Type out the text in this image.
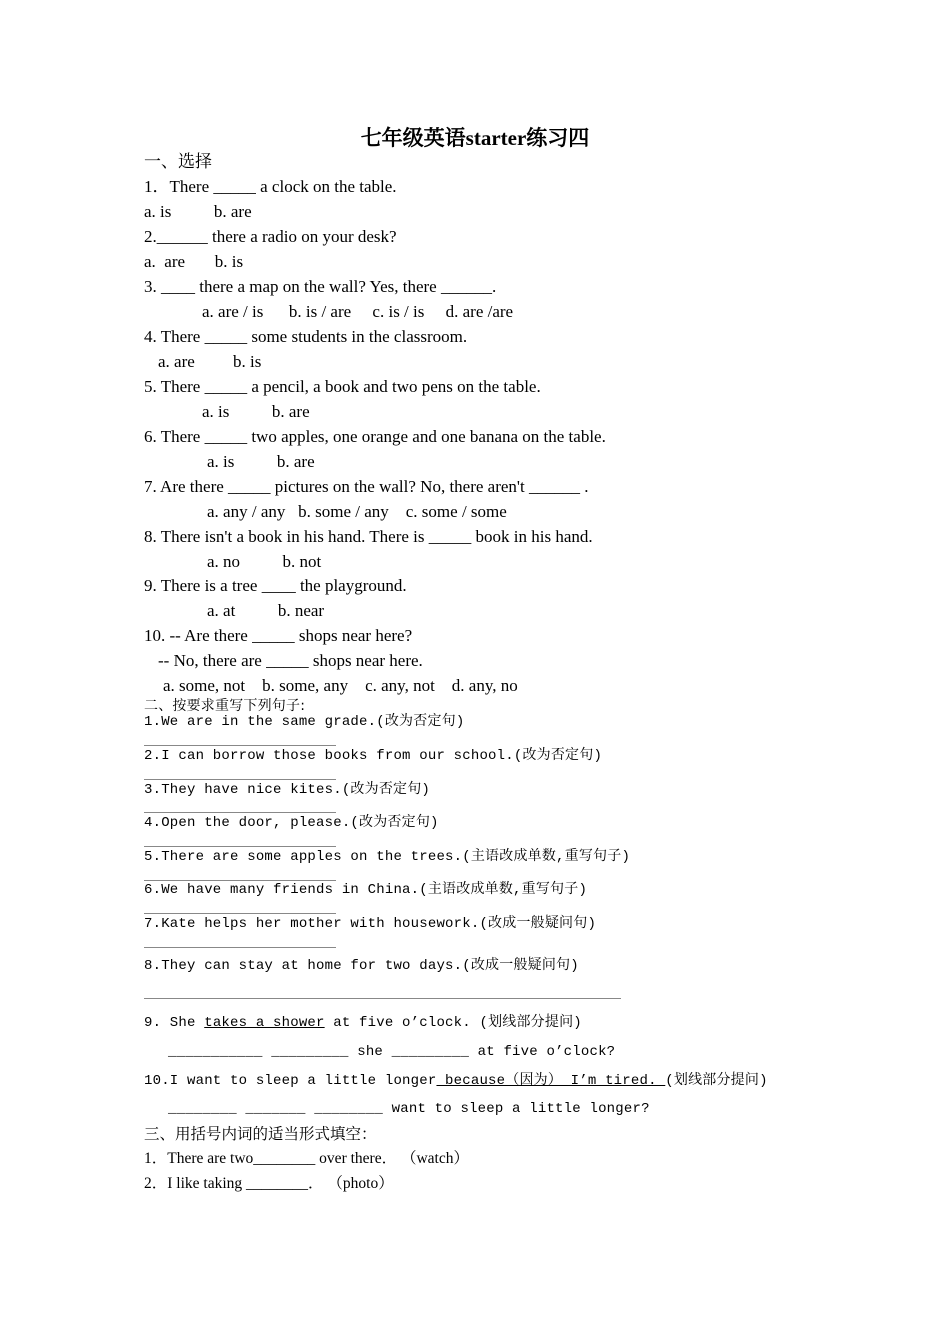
七年级英语starter练习四
一、选择
1．There _____ a clock on the table.
a. is          b. are
2.______ there a radio on your desk?
a.  are       b. is
3. ____ there a map on the wall? Yes, there ______.
a. are / is      b. is / are     c. is / is     d. are /are
4. There _____ some students in the classroom.
a. are         b. is
5. There _____ a pencil, a book and two pens on the table.
a. is          b. are
6. There _____ two apples, one orange and one banana on the table.
a. is          b. are
7. Are there _____ pictures on the wall? No, there aren't ______ .
a. any / any   b. some / any    c. some / some
8. There isn't a book in his hand. There is _____ book in his hand.
a. no          b. not
9. There is a tree ____ the playground.
a. at          b. near
10. -- Are there _____ shops near here?
-- No, there are _____ shops near here.
a. some, not    b. some, any    c. any, not    d. any, no
二、按要求重写下列句子:
1.We are in the same grade.(改为否定句)
2.I can borrow those books from our school.(改为否定句)
3.They have nice kites.(改为否定句)
4.Open the door, please.(改为否定句)
5.There are some apples on the trees.(主语改成单数,重写句子)
6.We have many friends in China.(主语改成单数,重写句子)
7.Kate helps her mother with housework.(改成一般疑问句)
8.They can stay at home for two days.(改成一般疑问句)
9. She takes a shower at five o’clock. (划线部分提问)
___________ _________ she _________ at five o’clock?
10.I want to sleep a little longer because（因为） I’m tired. (划线部分提问)
________ _______ ________ want to sleep a little longer?
三、用括号内词的适当形式填空：
1．There are two________ over there． （watch）
2．I like taking ________． （photo）
